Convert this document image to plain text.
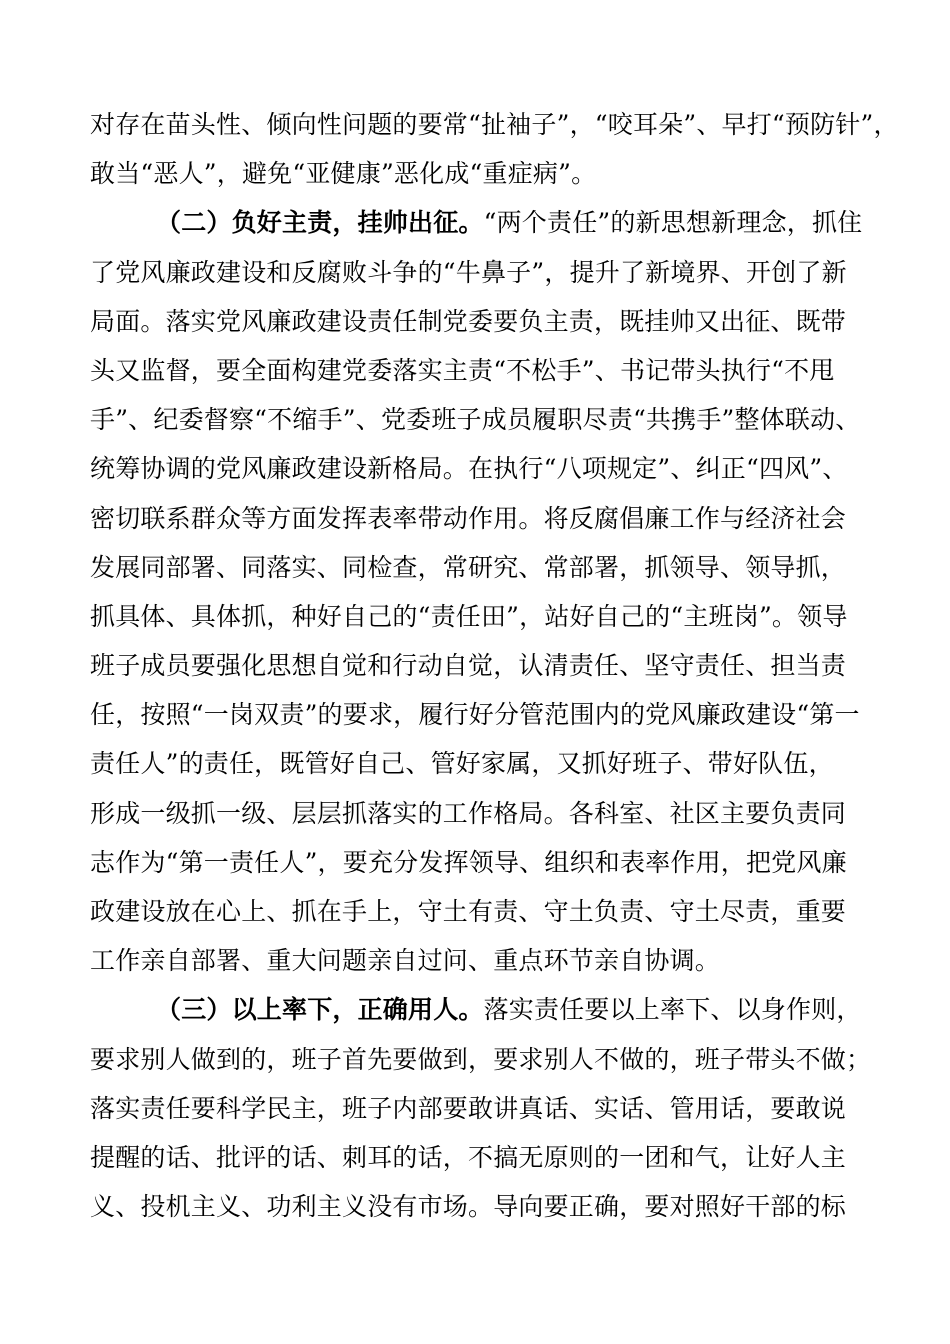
对存在苗头性、倾向性问题的要常“扯袖子”，“咬耳朵”、早打“预防针”，
敢当“恶人”，避免“亚健康”恶化成“重症病”。
（二）负好主责，挂帅出征。“两个责任”的新思想新理念，抓住
了党风廉政建设和反腐败斗争的“牛鼻子”，提升了新境界、开创了新
局面。落实党风廉政建设责任制党委要负主责，既挂帅又出征、既带
头又监督，要全面构建党委落实主责“不松手”、书记带头执行“不甩
手”、纪委督察“不缩手”、党委班子成员履职尽责“共携手”整体联动、
统筹协调的党风廉政建设新格局。在执行“八项规定”、纠正“四风”、
密切联系群众等方面发挥表率带动作用。将反腐倡廉工作与经济社会
发展同部署、同落实、同检查，常研究、常部署，抓领导、领导抓，
抓具体、具体抓，种好自己的“责任田”，站好自己的“主班岗”。领导
班子成员要强化思想自觉和行动自觉，认清责任、坚守责任、担当责
任，按照“一岗双责”的要求，履行好分管范围内的党风廉政建设“第一
责任人”的责任，既管好自己、管好家属，又抓好班子、带好队伍，
形成一级抓一级、层层抓落实的工作格局。各科室、社区主要负责同
志作为“第一责任人”，要充分发挥领导、组织和表率作用，把党风廉
政建设放在心上、抓在手上，守土有责、守土负责、守土尽责，重要
工作亲自部署、重大问题亲自过问、重点环节亲自协调。
（三）以上率下，正确用人。落实责任要以上率下、以身作则，
要求别人做到的，班子首先要做到，要求别人不做的，班子带头不做；
落实责任要科学民主，班子内部要敢讲真话、实话、管用话，要敢说
提醒的话、批评的话、刺耳的话，不搞无原则的一团和气，让好人主
义、投机主义、功利主义没有市场。导向要正确，要对照好干部的标
